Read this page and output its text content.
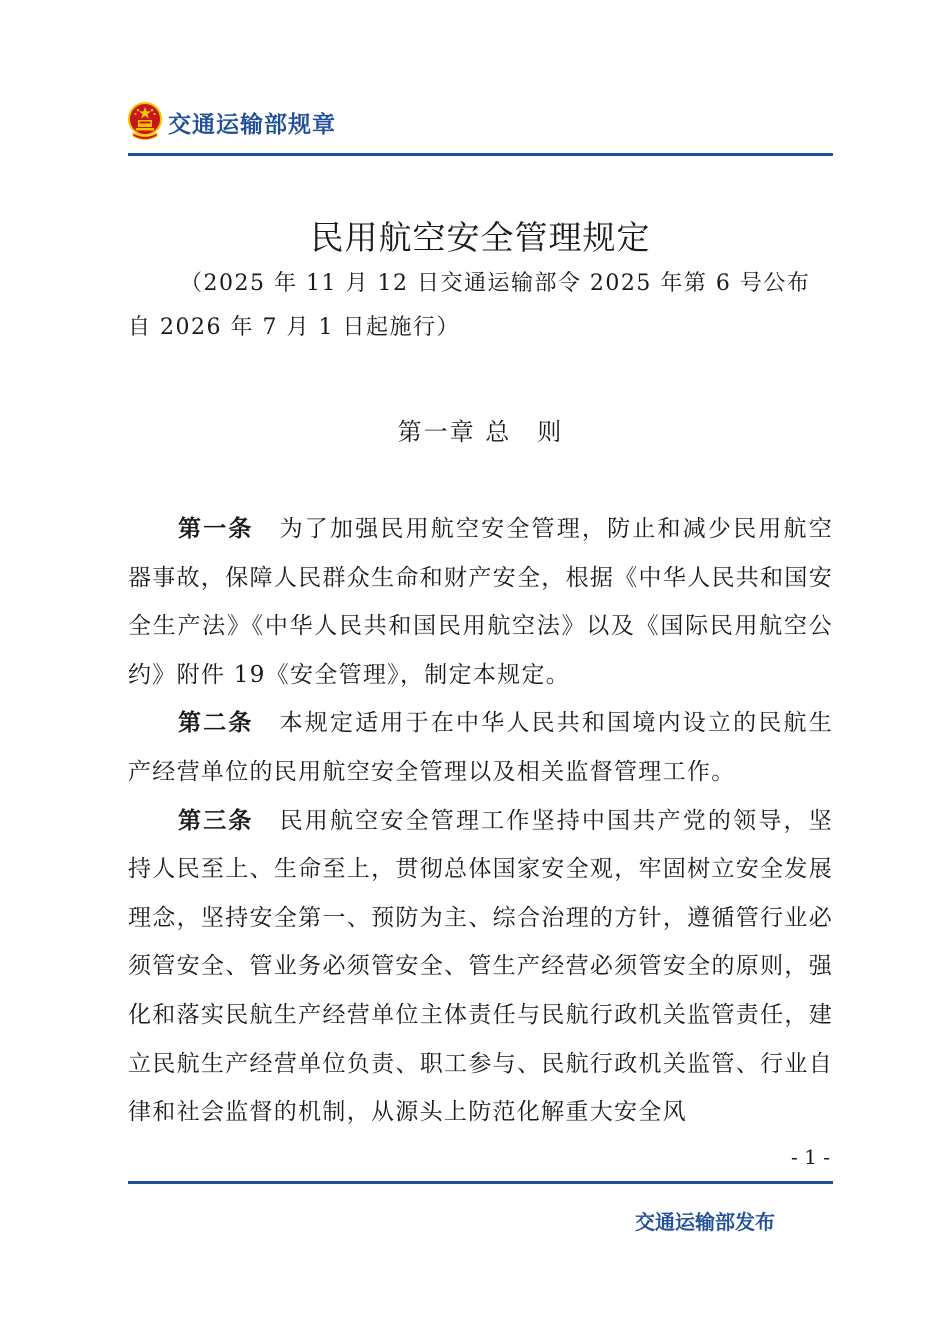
交通运输部规章
民用航空安全管理规定
（2025 年 11 月 12 日交通运输部令 2025 年第 6 号公布 自 2026 年 7 月 1 日起施行）
第一章 总　则

第一条 为了加强民用航空安全管理，防止和减少民用航空器事故，保障人民群众生命和财产安全，根据《中华人民共和国安全生产法》《中华人民共和国民用航空法》以及《国际民用航空公约》附件 19《安全管理》，制定本规定。

第二条 本规定适用于在中华人民共和国境内设立的民航生产经营单位的民用航空安全管理以及相关监督管理工作。

第三条 民用航空安全管理工作坚持中国共产党的领导，坚持人民至上、生命至上，贯彻总体国家安全观，牢固树立安全发展理念，坚持安全第一、预防为主、综合治理的方针，遵循管行业必须管安全、管业务必须管安全、管生产经营必须管安全的原则，强化和落实民航生产经营单位主体责任与民航行政机关监管责任，建立民航生产经营单位负责、职工参与、民航行政机关监管、行业自律和社会监督的机制，从源头上防范化解重大安全风

- 1 -
交通运输部发布
